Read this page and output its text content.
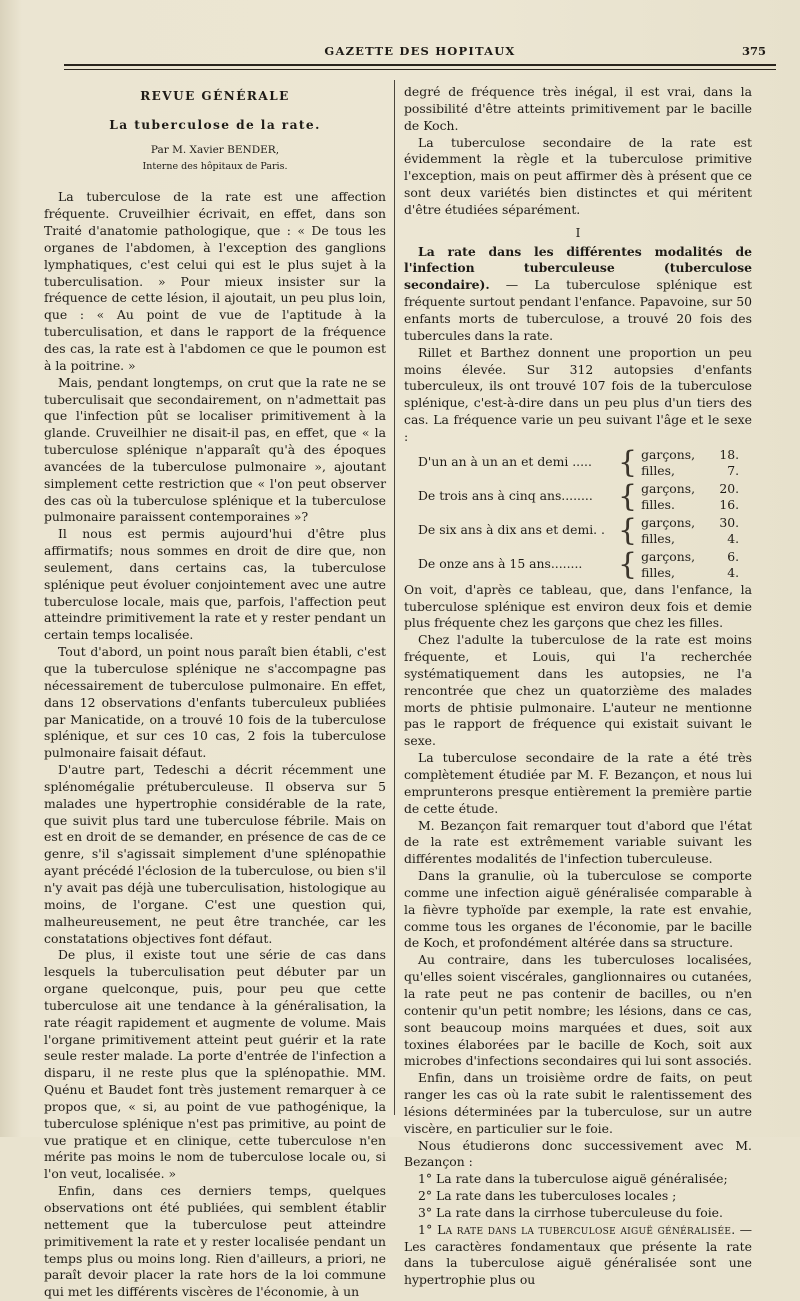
GAZETTE DES HOPITAUX	375
REVUE GÉNÉRALE
La tuberculose de la rate.
Par M. Xavier BENDER,
Interne des hôpitaux de Paris.

La tuberculose de la rate est une affection fréquente. Cruveilhier écrivait, en effet, dans son Traité d'anatomie pathologique, que : « De tous les organes de l'abdomen, à l'exception des ganglions lymphatiques, c'est celui qui est le plus sujet à la tuberculisation. » Pour mieux insister sur la fréquence de cette lésion, il ajoutait, un peu plus loin, que : « Au point de vue de l'aptitude à la tuberculisation, et dans le rapport de la fréquence des cas, la rate est à l'abdomen ce que le poumon est à la poitrine. »

Mais, pendant longtemps, on crut que la rate ne se tuberculisait que secondairement, on n'admettait pas que l'infection pût se localiser primitivement à la glande. Cruveilhier ne disait-il pas, en effet, que « la tuberculose splénique n'apparaît qu'à des époques avancées de la tuberculose pulmonaire », ajoutant simplement cette restriction que « l'on peut observer des cas où la tuberculose splénique et la tuberculose pulmonaire paraissent contemporaines »?

Il nous est permis aujourd'hui d'être plus affirmatifs; nous sommes en droit de dire que, non seulement, dans certains cas, la tuberculose splénique peut évoluer conjointement avec une autre tuberculose locale, mais que, parfois, l'affection peut atteindre primitivement la rate et y rester pendant un certain temps localisée.

Tout d'abord, un point nous paraît bien établi, c'est que la tuberculose splénique ne s'accompagne pas nécessairement de tuberculose pulmonaire. En effet, dans 12 observations d'enfants tuberculeux publiées par Manicatide, on a trouvé 10 fois de la tuberculose splénique, et sur ces 10 cas, 2 fois la tuberculose pulmonaire faisait défaut.

D'autre part, Tedeschi a décrit récemment une splénomégalie prétuberculeuse. Il observa sur 5 malades une hypertrophie considérable de la rate, que suivit plus tard une tuberculose fébrile. Mais on est en droit de se demander, en présence de cas de ce genre, s'il s'agissait simplement d'une splénopathie ayant précédé l'éclosion de la tuberculose, ou bien s'il n'y avait pas déjà une tuberculisation, histologique au moins, de l'organe. C'est une question qui, malheureusement, ne peut être tranchée, car les constatations objectives font défaut.

De plus, il existe tout une série de cas dans lesquels la tuberculisation peut débuter par un organe quelconque, puis, pour peu que cette tuberculose ait une tendance à la généralisation, la rate réagit rapidement et augmente de volume. Mais l'organe primitivement atteint peut guérir et la rate seule rester malade. La porte d'entrée de l'infection a disparu, il ne reste plus que la splénopathie. MM. Quénu et Baudet font très justement remarquer à ce propos que, « si, au point de vue pathogénique, la tuberculose splénique n'est pas primitive, au point de vue pratique et en clinique, cette tuberculose n'en mérite pas moins le nom de tuberculose locale ou, si l'on veut, localisée. »

Enfin, dans ces derniers temps, quelques observations ont été publiées, qui semblent établir nettement que la tuberculose peut atteindre primitivement la rate et y rester localisée pendant un temps plus ou moins long. Rien d'ailleurs, a priori, ne paraît devoir placer la rate hors de la loi commune qui met les différents viscères de l'économie, à un

degré de fréquence très inégal, il est vrai, dans la possibilité d'être atteints primitivement par le bacille de Koch.

La tuberculose secondaire de la rate est évidemment la règle et la tuberculose primitive l'exception, mais on peut affirmer dès à présent que ce sont deux variétés bien distinctes et qui méritent d'être étudiées séparément.

I

La rate dans les différentes modalités de l'infection tuberculeuse (tuberculose secondaire). — La tuberculose splénique est fréquente surtout pendant l'enfance. Papavoine, sur 50 enfants morts de tuberculose, a trouvé 20 fois des tubercules dans la rate.

Rillet et Barthez donnent une proportion un peu moins élevée. Sur 312 autopsies d'enfants tuberculeux, ils ont trouvé 107 fois de la tuberculose splénique, c'est-à-dire dans un peu plus d'un tiers des cas. La fréquence varie un peu suivant l'âge et le sexe :

D'un an à un an et demi ..... { garçons,	18.
filles,	7.
De trois ans à cinq ans........ { garçons,	20.
filles.	16.
De six ans à dix ans et demi. . { garçons,	30.
filles,	4.
De onze ans à 15 ans........	{ garçons,	6.
filles,	4.

On voit, d'après ce tableau, que, dans l'enfance, la tuberculose splénique est environ deux fois et demie plus fréquente chez les garçons que chez les filles.

Chez l'adulte la tuberculose de la rate est moins fréquente, et Louis, qui l'a recherchée systématiquement dans les autopsies, ne l'a rencontrée que chez un quatorzième des malades morts de phtisie pulmonaire. L'auteur ne mentionne pas le rapport de fréquence qui existait suivant le sexe.

La tuberculose secondaire de la rate a été très complètement étudiée par M. F. Bezançon, et nous lui emprunterons presque entièrement la première partie de cette étude.

M. Bezançon fait remarquer tout d'abord que l'état de la rate est extrêmement variable suivant les différentes modalités de l'infection tuberculeuse.

Dans la granulie, où la tuberculose se comporte comme une infection aiguë généralisée comparable à la fièvre typhoïde par exemple, la rate est envahie, comme tous les organes de l'économie, par le bacille de Koch, et profondément altérée dans sa structure.

Au contraire, dans les tuberculoses localisées, qu'elles soient viscérales, ganglionnaires ou cutanées, la rate peut ne pas contenir de bacilles, ou n'en contenir qu'un petit nombre; les lésions, dans ce cas, sont beaucoup moins marquées et dues, soit aux toxines élaborées par le bacille de Koch, soit aux microbes d'infections secondaires qui lui sont associés.

Enfin, dans un troisième ordre de faits, on peut ranger les cas où la rate subit le ralentissement des lésions déterminées par la tuberculose, sur un autre viscère, en particulier sur le foie.

Nous étudierons donc successivement avec M. Bezançon :

1° La rate dans la tuberculose aiguë généralisée;

2° La rate dans les tuberculoses locales ;

3° La rate dans la cirrhose tuberculeuse du foie.

1° La rate dans la tuberculose aiguë généralisée. — Les caractères fondamentaux que présente la rate dans la tuberculose aiguë généralisée sont une hypertrophie plus ou
